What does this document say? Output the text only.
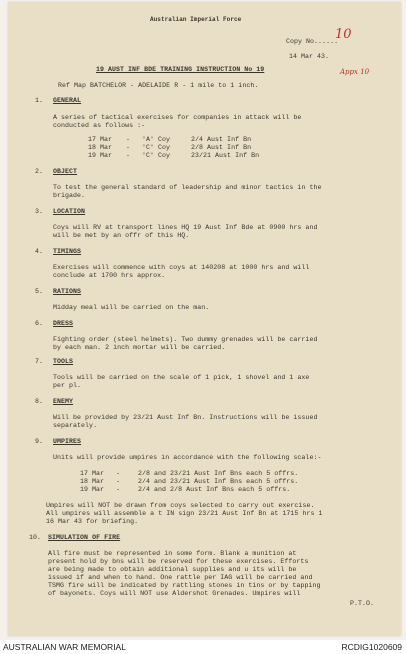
Australian Imperial Force
Copy No......
10
14 Mar 43.
Appx 10
19 AUST INF BDE TRAINING INSTRUCTION No 19
Ref Map BATCHELOR - ADELAIDE R - 1 mile to 1 inch.
1. GENERAL
A series of tactical exercises for companies in attack will be
conducted as follows :-
17 Mar - 'A' Coy	2/4 Aust Inf Bn
18 Mar - 'C' Coy	2/8 Aust Inf Bn
19 Mar - 'C' Coy	23/21 Aust Inf Bn
2. OBJECT
To test the general standard of leadership and minor tactics in the
brigade.
3. LOCATION
Coys will RV at transport lines HQ 19 Aust Inf Bde at 0900 hrs and
will be met by an offr of this HQ.
4. TIMINGS
Exercises will commence with coys at 140208 at 1000 hrs and will
conclude at 1700 hrs approx.
5. RATIONS
Midday meal will be carried on the man.
6. DRESS
Fighting order (steel helmets). Two dummy grenades will be carried
by each man. 2 inch mortar will be carried.
7. TOOLS
Tools will be carried on the scale of 1 pick, 1 shovel and 1 axe
per pl.
8. ENEMY
Will be provided by 23/21 Aust Inf Bn. Instructions will be issued
separately.
9. UMPIRES
Units will provide umpires in accordance with the following scale:-
17 Mar -	2/8 and 23/21 Aust Inf Bns each 5 offrs.
18 Mar -	2/4 and 23/21 Aust Inf Bns each 5 offrs.
19 Mar -	2/4 and 2/8 Aust Inf Bns each 5 offrs.
Umpires will NOT be drawn from coys selected to carry out exercise.
All umpires will assemble a t IN sign 23/21 Aust Inf Bn at 1715 hrs 1
16 Mar 43 for briefing.
10. SIMULATION OF FIRE
All fire must be represented in some form. Blank a munition at
present hold by bns will be reserved for these exercises. Efforts
are being made to obtain additional supplies and u its will be
issued if and when to hand. One rattle per IAG will be carried and
TSMG fire will be indicated by rattling stones in tins or by tapping
of bayonets. Coys will NOT use Aldershot Grenades. Umpires will
P.T.O.
AUSTRALIAN WAR MEMORIAL	RCDIG1020609
